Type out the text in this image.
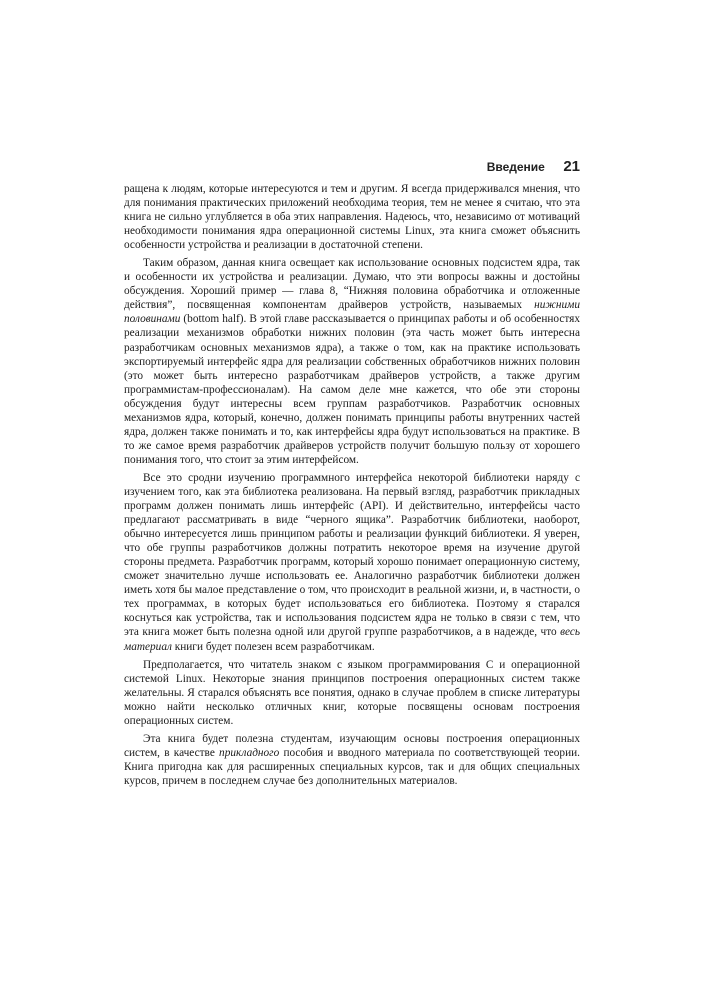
Введение 21

ращена к людям, которые интересуются и тем и другим. Я всегда придерживался мнения, что для понимания практических приложений необходима теория, тем не менее я считаю, что эта книга не сильно углубляется в оба этих направления. Надеюсь, что, независимо от мотиваций необходимости понимания ядра операционной системы Linux, эта книга сможет объяснить особенности устройства и реализации в достаточной степени.

Таким образом, данная книга освещает как использование основных подсистем ядра, так и особенности их устройства и реализации. Думаю, что эти вопросы важны и достойны обсуждения. Хороший пример — глава 8, “Нижняя половина обработчика и отложенные действия”, посвященная компонентам драйверов устройств, называемых нижними половинами (bottom half). В этой главе рассказывается о принципах работы и об особенностях реализации механизмов обработки нижних половин (эта часть может быть интересна разработчикам основных механизмов ядра), а также о том, как на практике использовать экспортируемый интерфейс ядра для реализации собственных обработчиков нижних половин (это может быть интересно разработчикам драйверов устройств, а также другим программистам-профессионалам). На самом деле мне кажется, что обе эти стороны обсуждения будут интересны всем группам разработчиков. Разработчик основных механизмов ядра, который, конечно, должен понимать принципы работы внутренних частей ядра, должен также понимать и то, как интерфейсы ядра будут использоваться на практике. В то же самое время разработчик драйверов устройств получит большую пользу от хорошего понимания того, что стоит за этим интерфейсом.

Все это сродни изучению программного интерфейса некоторой библиотеки наряду с изучением того, как эта библиотека реализована. На первый взгляд, разработчик прикладных программ должен понимать лишь интерфейс (API). И действительно, интерфейсы часто предлагают рассматривать в виде “черного ящика”. Разработчик библиотеки, наоборот, обычно интересуется лишь принципом работы и реализации функций библиотеки. Я уверен, что обе группы разработчиков должны потратить некоторое время на изучение другой стороны предмета. Разработчик программ, который хорошо понимает операционную систему, сможет значительно лучше использовать ее. Аналогично разработчик библиотеки должен иметь хотя бы малое представление о том, что происходит в реальной жизни, и, в частности, о тех программах, в которых будет использоваться его библиотека. Поэтому я старался коснуться как устройства, так и использования подсистем ядра не только в связи с тем, что эта книга может быть полезна одной или другой группе разработчиков, а в надежде, что весь материал книги будет полезен всем разработчикам.

Предполагается, что читатель знаком с языком программирования С и операционной системой Linux. Некоторые знания принципов построения операционных систем также желательны. Я старался объяснять все понятия, однако в случае проблем в списке литературы можно найти несколько отличных книг, которые посвящены основам построения операционных систем.

Эта книга будет полезна студентам, изучающим основы построения операционных систем, в качестве прикладного пособия и вводного материала по соответствующей теории. Книга пригодна как для расширенных специальных курсов, так и для общих специальных курсов, причем в последнем случае без дополнительных материалов.
